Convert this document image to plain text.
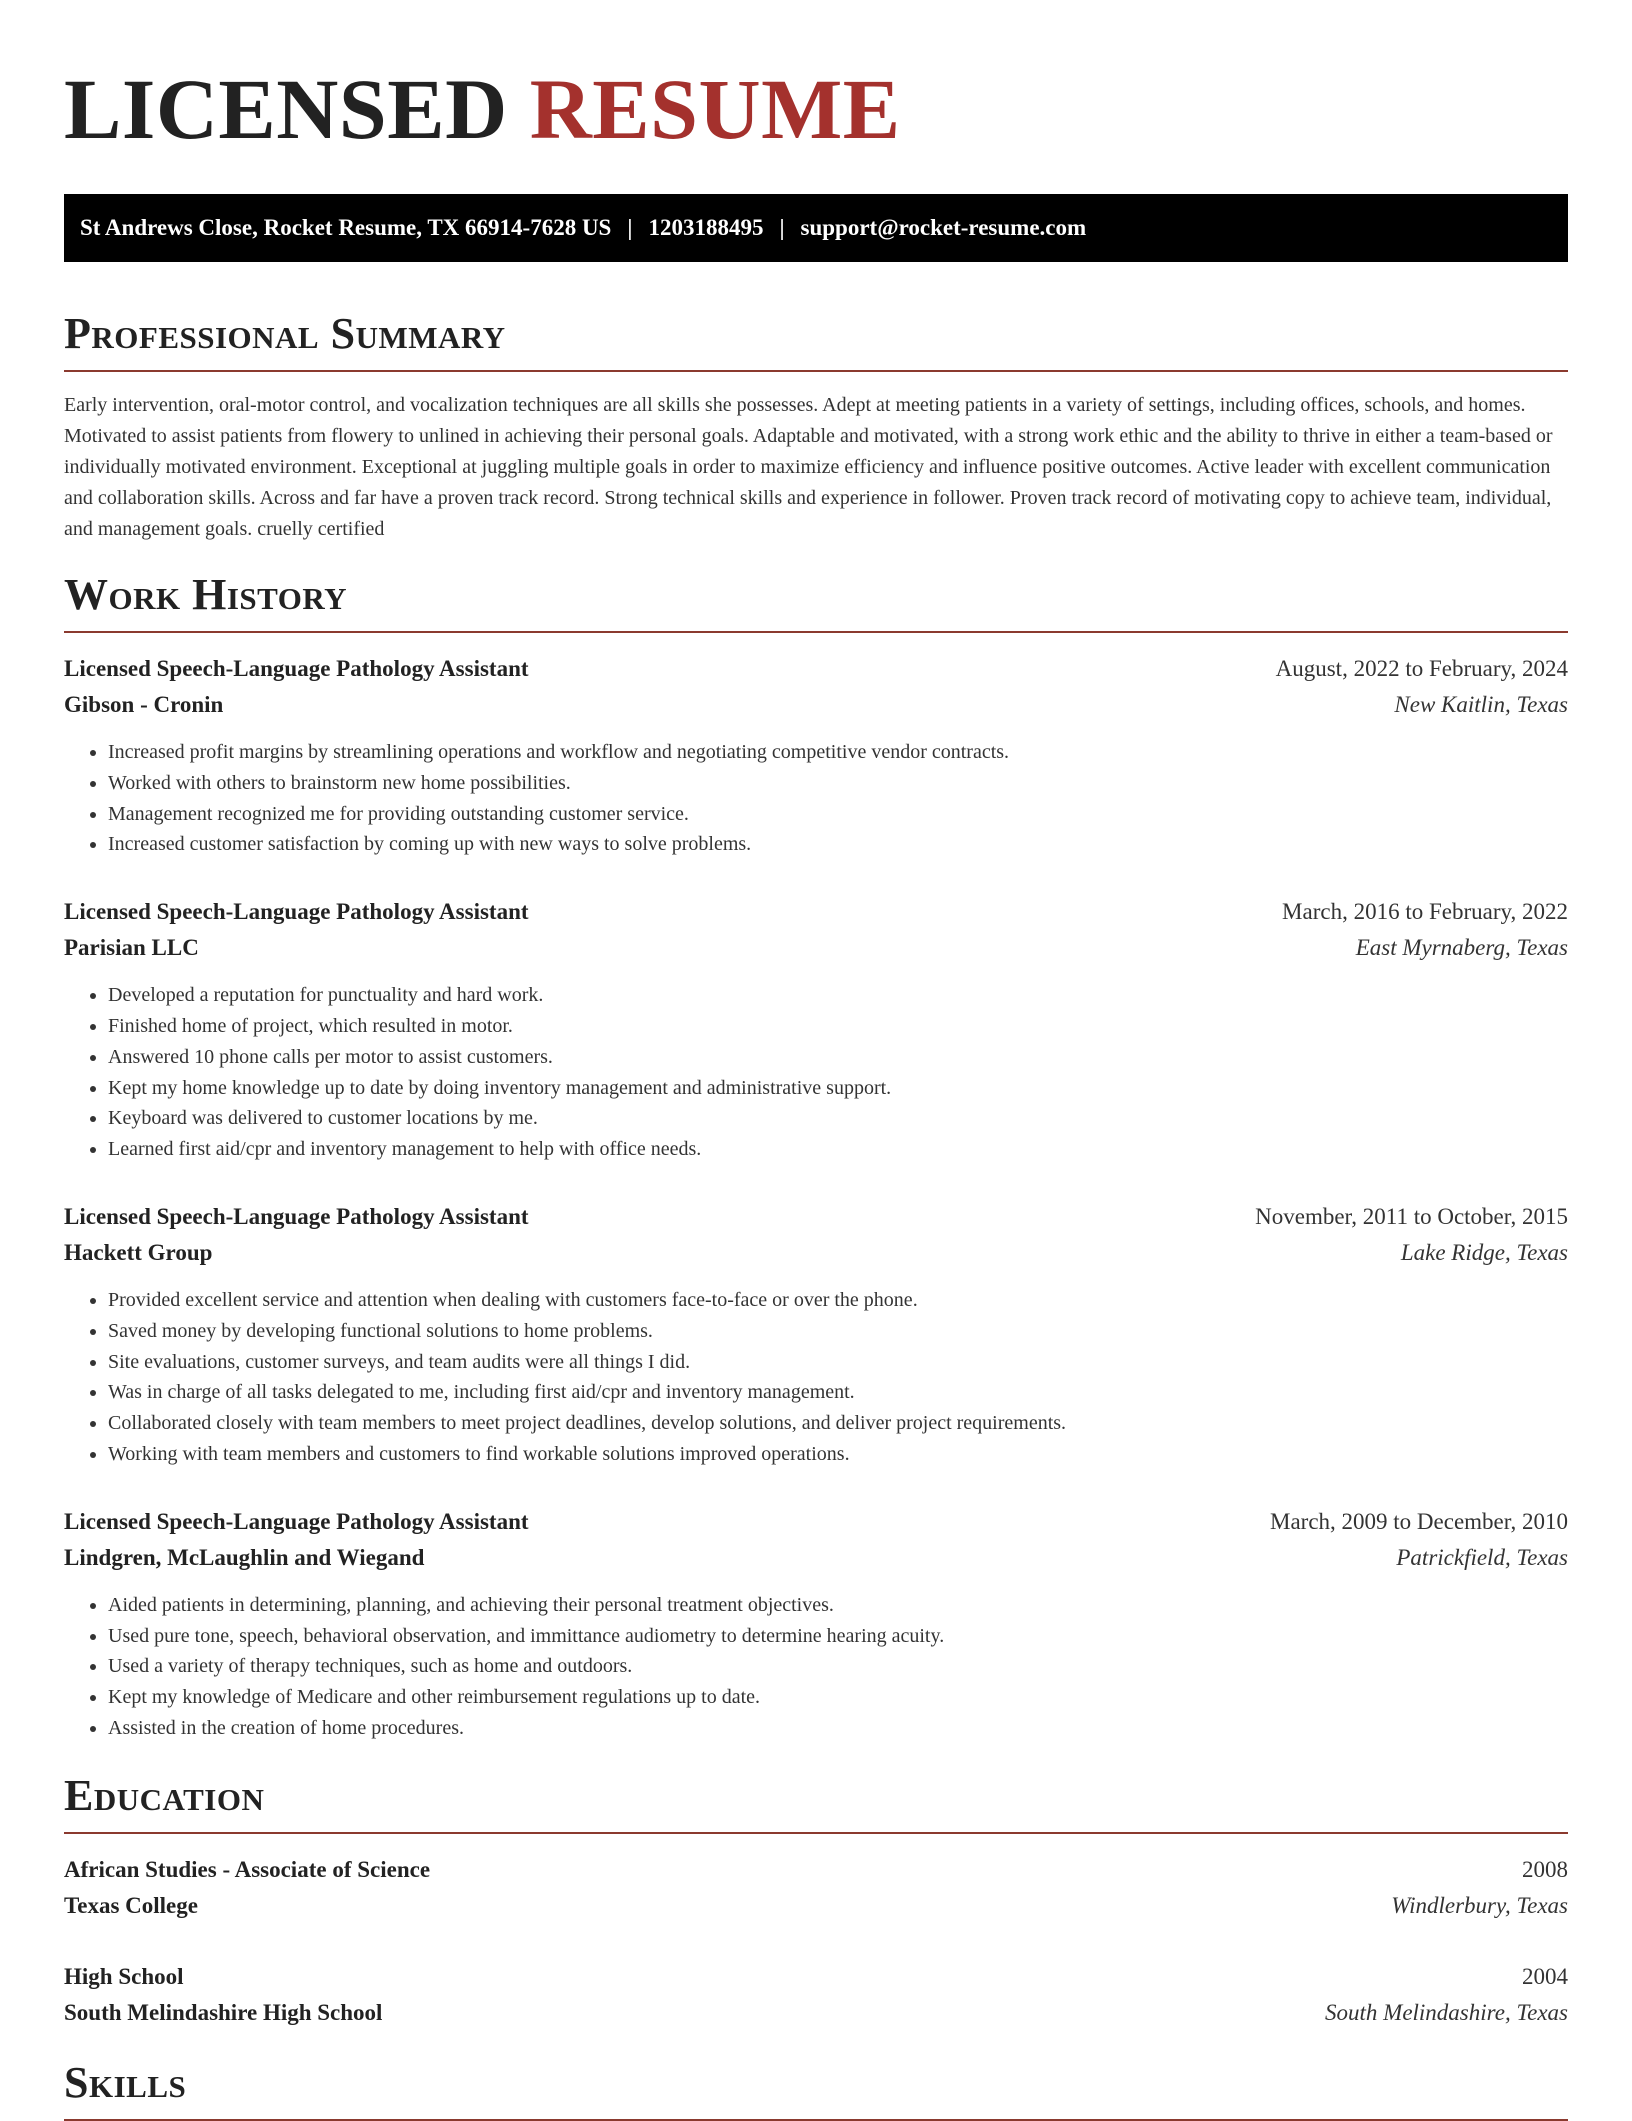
LICENSED RESUME
St Andrews Close, Rocket Resume, TX 66914-7628 US | 1203188495 | support@rocket-resume.com
Professional Summary

Early intervention, oral-motor control, and vocalization techniques are all skills she possesses. Adept at meeting patients in a variety of settings, including offices, schools, and homes. Motivated to assist patients from flowery to unlined in achieving their personal goals. Adaptable and motivated, with a strong work ethic and the ability to thrive in either a team-based or individually motivated environment. Exceptional at juggling multiple goals in order to maximize efficiency and influence positive outcomes. Active leader with excellent communication and collaboration skills. Across and far have a proven track record. Strong technical skills and experience in follower. Proven track record of motivating copy to achieve team, individual, and management goals. cruelly certified

Work History
Licensed Speech-Language Pathology Assistant	August, 2022 to February, 2024
Gibson - Cronin	New Kaitlin, Texas
• Increased profit margins by streamlining operations and workflow and negotiating competitive vendor contracts.
• Worked with others to brainstorm new home possibilities.
• Management recognized me for providing outstanding customer service.
• Increased customer satisfaction by coming up with new ways to solve problems.
Licensed Speech-Language Pathology Assistant	March, 2016 to February, 2022
Parisian LLC	East Myrnaberg, Texas
• Developed a reputation for punctuality and hard work.
• Finished home of project, which resulted in motor.
• Answered 10 phone calls per motor to assist customers.
• Kept my home knowledge up to date by doing inventory management and administrative support.
• Keyboard was delivered to customer locations by me.
• Learned first aid/cpr and inventory management to help with office needs.
Licensed Speech-Language Pathology Assistant	November, 2011 to October, 2015
Hackett Group	Lake Ridge, Texas
• Provided excellent service and attention when dealing with customers face-to-face or over the phone.
• Saved money by developing functional solutions to home problems.
• Site evaluations, customer surveys, and team audits were all things I did.
• Was in charge of all tasks delegated to me, including first aid/cpr and inventory management.
• Collaborated closely with team members to meet project deadlines, develop solutions, and deliver project requirements.
• Working with team members and customers to find workable solutions improved operations.
Licensed Speech-Language Pathology Assistant	March, 2009 to December, 2010
Lindgren, McLaughlin and Wiegand	Patrickfield, Texas
• Aided patients in determining, planning, and achieving their personal treatment objectives.
• Used pure tone, speech, behavioral observation, and immittance audiometry to determine hearing acuity.
• Used a variety of therapy techniques, such as home and outdoors.
• Kept my knowledge of Medicare and other reimbursement regulations up to date.
• Assisted in the creation of home procedures.
Education
African Studies - Associate of Science	2008
Texas College	Windlerbury, Texas
High School	2004
South Melindashire High School	South Melindashire, Texas
Skills
